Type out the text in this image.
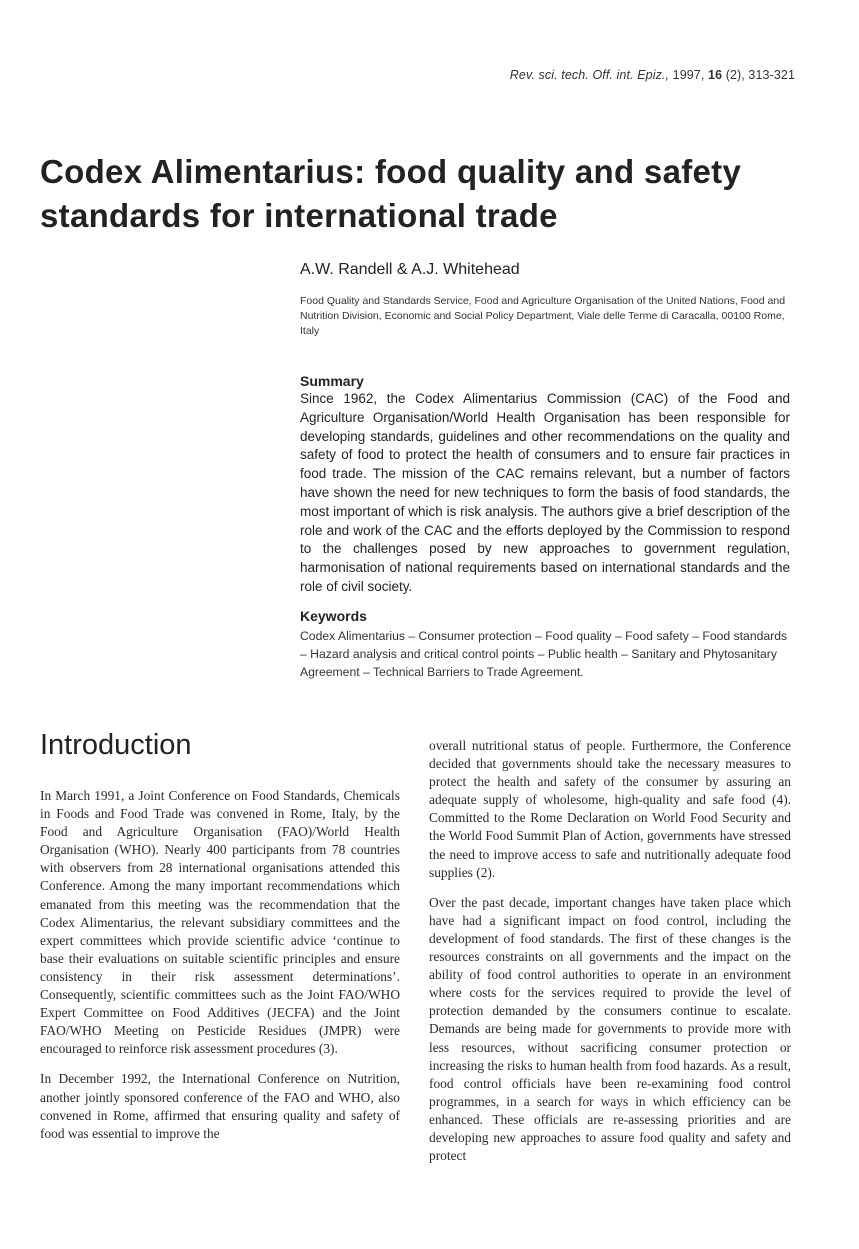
Rev. sci. tech. Off. int. Epiz., 1997, 16 (2), 313-321
Codex Alimentarius: food quality and safety standards for international trade
A.W. Randell & A.J. Whitehead
Food Quality and Standards Service, Food and Agriculture Organisation of the United Nations, Food and Nutrition Division, Economic and Social Policy Department, Viale delle Terme di Caracalla, 00100 Rome, Italy
Summary
Since 1962, the Codex Alimentarius Commission (CAC) of the Food and Agriculture Organisation/World Health Organisation has been responsible for developing standards, guidelines and other recommendations on the quality and safety of food to protect the health of consumers and to ensure fair practices in food trade. The mission of the CAC remains relevant, but a number of factors have shown the need for new techniques to form the basis of food standards, the most important of which is risk analysis. The authors give a brief description of the role and work of the CAC and the efforts deployed by the Commission to respond to the challenges posed by new approaches to government regulation, harmonisation of national requirements based on international standards and the role of civil society.
Keywords
Codex Alimentarius – Consumer protection – Food quality – Food safety – Food standards – Hazard analysis and critical control points – Public health – Sanitary and Phytosanitary Agreement – Technical Barriers to Trade Agreement.
Introduction

In March 1991, a Joint Conference on Food Standards, Chemicals in Foods and Food Trade was convened in Rome, Italy, by the Food and Agriculture Organisation (FAO)/World Health Organisation (WHO). Nearly 400 participants from 78 countries with observers from 28 international organisations attended this Conference. Among the many important recommendations which emanated from this meeting was the recommendation that the Codex Alimentarius, the relevant subsidiary committees and the expert committees which provide scientific advice ‘continue to base their evaluations on suitable scientific principles and ensure consistency in their risk assessment determinations’. Consequently, scientific committees such as the Joint FAO/WHO Expert Committee on Food Additives (JECFA) and the Joint FAO/WHO Meeting on Pesticide Residues (JMPR) were encouraged to reinforce risk assessment procedures (3).

In December 1992, the International Conference on Nutrition, another jointly sponsored conference of the FAO and WHO, also convened in Rome, affirmed that ensuring quality and safety of food was essential to improve the

overall nutritional status of people. Furthermore, the Conference decided that governments should take the necessary measures to protect the health and safety of the consumer by assuring an adequate supply of wholesome, high-quality and safe food (4). Committed to the Rome Declaration on World Food Security and the World Food Summit Plan of Action, governments have stressed the need to improve access to safe and nutritionally adequate food supplies (2).

Over the past decade, important changes have taken place which have had a significant impact on food control, including the development of food standards. The first of these changes is the resources constraints on all governments and the impact on the ability of food control authorities to operate in an environment where costs for the services required to provide the level of protection demanded by the consumers continue to escalate. Demands are being made for governments to provide more with less resources, without sacrificing consumer protection or increasing the risks to human health from food hazards. As a result, food control officials have been re-examining food control programmes, in a search for ways in which efficiency can be enhanced. These officials are re-assessing priorities and are developing new approaches to assure food quality and safety and protect
